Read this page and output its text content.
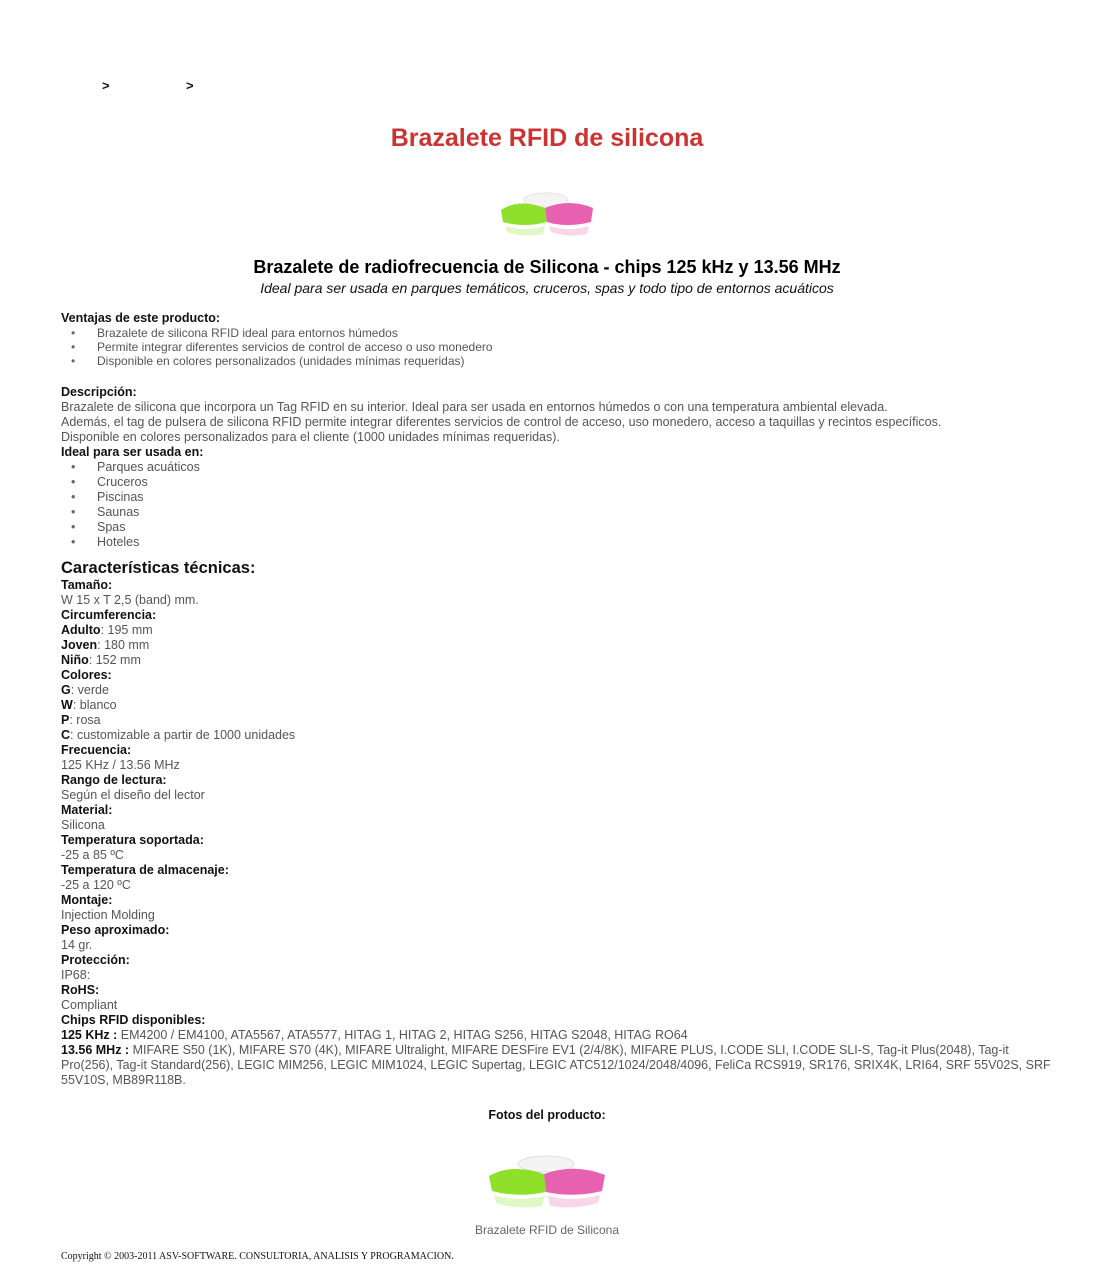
>	>
Brazalete RFID de silicona
Brazalete de radiofrecuencia de Silicona - chips 125 kHz y 13.56 MHz
Ideal para ser usada en parques temáticos, cruceros, spas y todo tipo de entornos acuáticos
Ventajas de este producto:
• Brazalete de silicona RFID ideal para entornos húmedos
• Permite integrar diferentes servicios de control de acceso o uso monedero
• Disponible en colores personalizados (unidades mínimas requeridas)
Descripción:
Brazalete de silicona que incorpora un Tag RFID en su interior. Ideal para ser usada en entornos húmedos o con una temperatura ambiental elevada.
Además, el tag de pulsera de silicona RFID permite integrar diferentes servicios de control de acceso, uso monedero, acceso a taquillas y recintos específicos.
Disponible en colores personalizados para el cliente (1000 unidades mínimas requeridas).
Ideal para ser usada en:
• Parques acuáticos
• Cruceros
• Piscinas
• Saunas
• Spas
• Hoteles
Características técnicas:
Tamaño:
W 15 x T 2,5 (band) mm.
Circumferencia:
Adulto: 195 mm
Joven: 180 mm
Niño: 152 mm
Colores:
G: verde
W: blanco
P: rosa
C: customizable a partir de 1000 unidades
Frecuencia:
125 KHz / 13.56 MHz
Rango de lectura:
Según el diseño del lector
Material:
Silicona
Temperatura soportada:
-25 a 85 ºC
Temperatura de almacenaje:
-25 a 120 ºC
Montaje:
Injection Molding
Peso aproximado:
14 gr.
Protección:
IP68:
RoHS:
Compliant
Chips RFID disponibles:
125 KHz : EM4200 / EM4100, ATA5567, ATA5577, HITAG 1, HITAG 2, HITAG S256, HITAG S2048, HITAG RO64
13.56 MHz : MIFARE S50 (1K), MIFARE S70 (4K), MIFARE Ultralight, MIFARE DESFire EV1 (2/4/8K), MIFARE PLUS, I.CODE SLI, I.CODE SLI-S, Tag-it Plus(2048), Tag-it Pro(256), Tag-it Standard(256), LEGIC MIM256, LEGIC MIM1024, LEGIC Supertag, LEGIC ATC512/1024/2048/4096, FeliCa RCS919, SR176, SRIX4K, LRI64, SRF 55V02S, SRF 55V10S, MB89R118B.
Fotos del producto:
Brazalete RFID de Silicona
Copyright © 2003-2011 ASV-SOFTWARE. CONSULTORIA, ANALISIS Y PROGRAMACION.
